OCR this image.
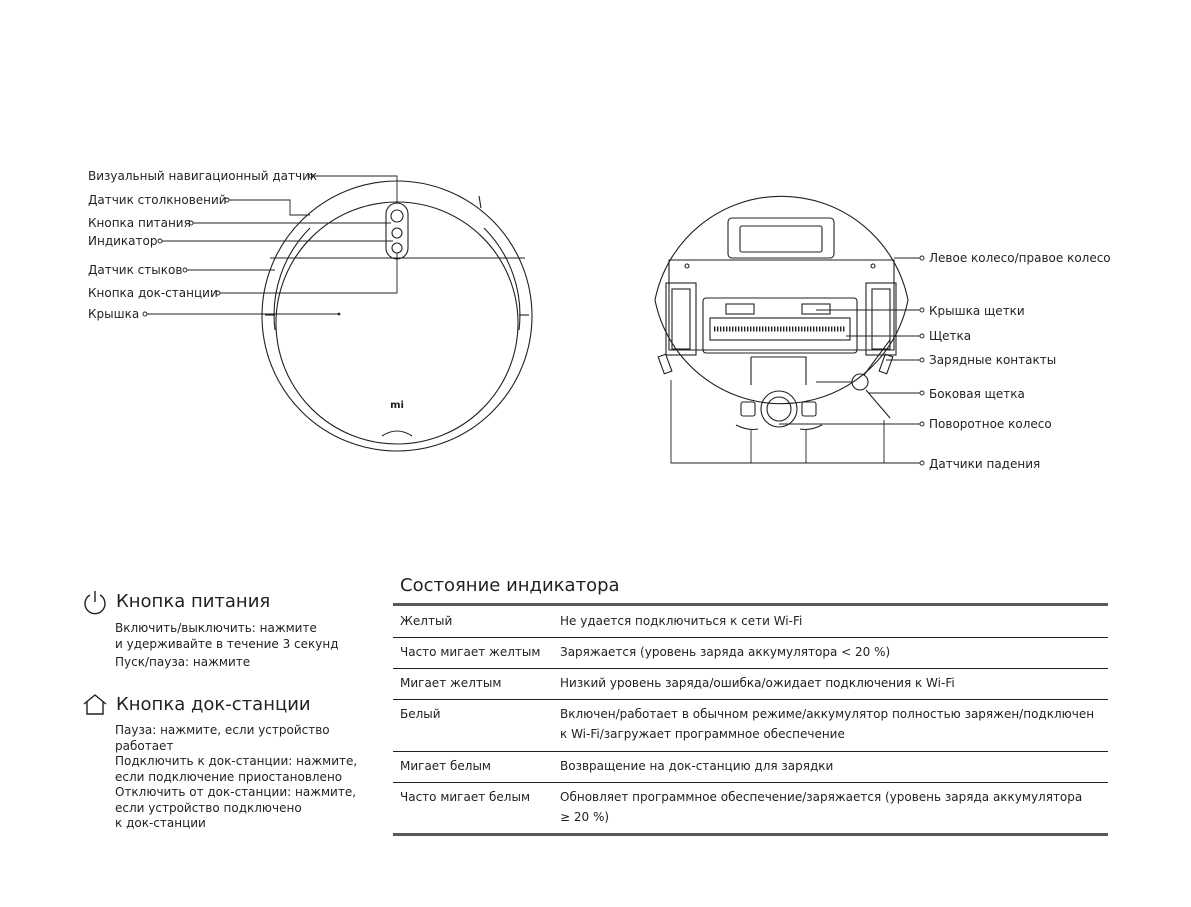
mi
Визуальный навигационный датчик
Датчик столкновений
Кнопка питания
Индикатор
Датчик стыков
Кнопка док-станции
Крышка
Левое колесо/правое колесо
Крышка щетки
Щетка
Зарядные контакты
Боковая щетка
Поворотное колесо
Датчики падения
Кнопка питания
Включить/выключить: нажмите
и удерживайте в течение 3 секунд
Пуск/пауза: нажмите
Кнопка док-станции
Пауза: нажмите, если устройство
работает
Подключить к док-станции: нажмите,
если подключение приостановлено
Отключить от док-станции: нажмите,
если устройство подключено
к док-станции
Состояние индикатора
Желтый	Не удается подключиться к сети Wi-Fi

Часто мигает желтым	Заряжается (уровень заряда аккумулятора < 20 %)

Мигает желтым	Низкий уровень заряда/ошибка/ожидает подключения к Wi-Fi

Белый	Включен/работает в обычном режиме/аккумулятор полностью заряжен/подключен
к Wi-Fi/загружает программное обеспечение

Мигает белым	Возвращение на док-станцию для зарядки

Часто мигает белым	Обновляет программное обеспечение/заряжается (уровень заряда аккумулятора
≥ 20 %)
